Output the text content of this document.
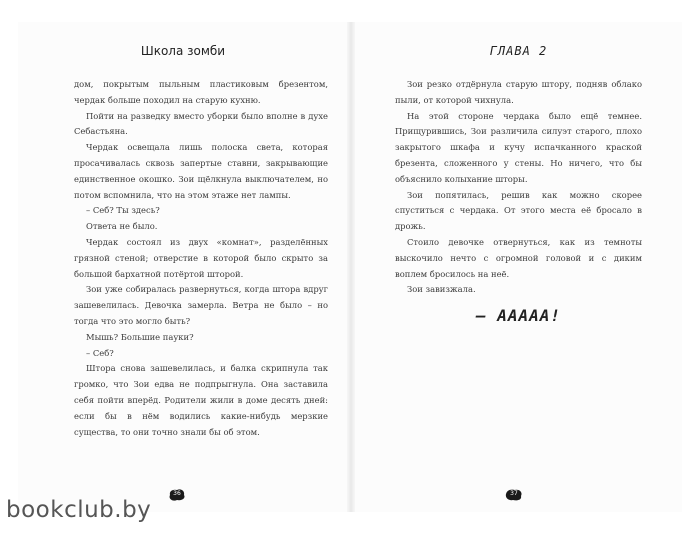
Школа зомби

дом, покрытым пыльным пластиковым брезентом, чердак больше походил на старую кухню.

Пойти на разведку вместо уборки было вполне в духе Себастьяна.

Чердак освещала лишь полоска света, которая просачивалась сквозь запертые ставни, закрывающие единственное окошко. Зои щёлкнула выключателем, но потом вспомнила, что на этом этаже нет лампы.

– Себ? Ты здесь?

Ответа не было.

Чердак состоял из двух «комнат», разделённых грязной стеной; отверстие в которой было скрыто за большой бархатной потёртой шторой.

Зои уже собиралась развернуться, когда штора вдруг зашевелилась. Девочка замерла. Ветра не было – но тогда что это могло быть?

Мышь? Большие пауки?

– Себ?

Штора снова зашевелилась, и балка скрипнула так громко, что Зои едва не подпрыгнула. Она заставила себя пойти вперёд. Родители жили в доме десять дней: если бы в нём водились какие-нибудь мерзкие существа, то они точно знали бы об этом.

36
ГЛАВА 2

Зои резко отдёрнула старую штору, подняв облако пыли, от которой чихнула.

На этой стороне чердака было ещё темнее. Прищурившись, Зои различила силуэт старого, плохо закрытого шкафа и кучу испачканного краской брезента, сложенного у стены. Но ничего, что бы объяснило колыхание шторы.

Зои попятилась, решив как можно скорее спуститься с чердака. От этого места её бросало в дрожь.

Стоило девочке отвернуться, как из темноты выскочило нечто с огромной головой и с диким воплем бросилось на неё.

Зои завизжала.

– ААААА!
37
bookclub.by
